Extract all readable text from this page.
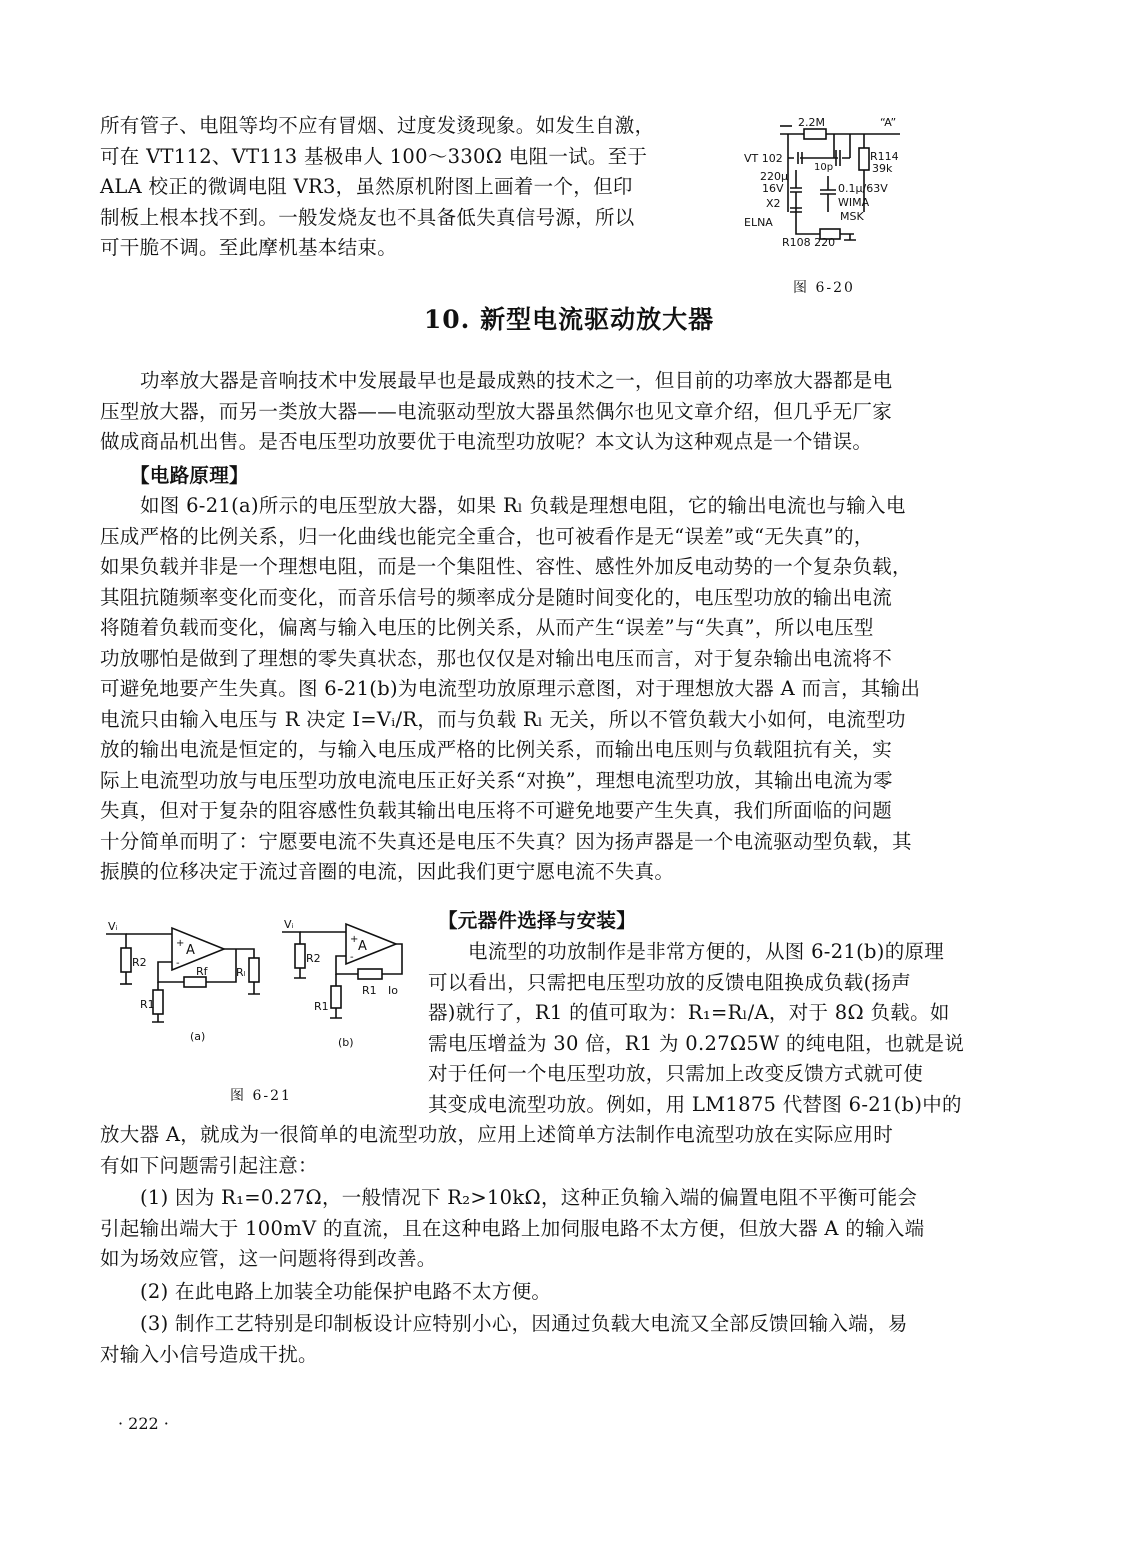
所有管子、电阻等均不应有冒烟、过度发烫现象。如发生自激，
可在 VT112、VT113 基极串人 100～330Ω 电阻一试。至于
ALA 校正的微调电阻 VR3，虽然原机附图上画着一个，但印
制板上根本找不到。一般发烧友也不具备低失真信号源，所以
可干脆不调。至此摩机基本结束。
2.2M	“A”
VT 102	R114
39k
10p
220μ
16V
X2
ELNA
0.1μ/63V
WIMA
MSK
R108 220
图 6-20
10. 新型电流驱动放大器
功率放大器是音响技术中发展最早也是最成熟的技术之一，但目前的功率放大器都是电
压型放大器，而另一类放大器——电流驱动型放大器虽然偶尔也见文章介绍，但几乎无厂家
做成商品机出售。是否电压型功放要优于电流型功放呢？本文认为这种观点是一个错误。
【电路原理】
如图 6-21(a)所示的电压型放大器，如果 Rₗ 负载是理想电阻，它的输出电流也与输入电
压成严格的比例关系，归一化曲线也能完全重合，也可被看作是无“误差”或“无失真”的，
如果负载并非是一个理想电阻，而是一个集阻性、容性、感性外加反电动势的一个复杂负载，
其阻抗随频率变化而变化，而音乐信号的频率成分是随时间变化的，电压型功放的输出电流
将随着负载而变化，偏离与输入电压的比例关系，从而产生“误差”与“失真”，所以电压型
功放哪怕是做到了理想的零失真状态，那也仅仅是对输出电压而言，对于复杂输出电流将不
可避免地要产生失真。图 6-21(b)为电流型功放原理示意图，对于理想放大器 A 而言，其输出
电流只由输入电压与 R 决定 I=Vᵢ/R，而与负载 Rₗ 无关，所以不管负载大小如何，电流型功
放的输出电流是恒定的，与输入电压成严格的比例关系，而输出电压则与负载阻抗有关，实
际上电流型功放与电压型功放电流电压正好关系“对换”，理想电流型功放，其输出电流为零
失真，但对于复杂的阻容感性负载其输出电压将不可避免地要产生失真，我们所面临的问题
十分简单而明了：宁愿要电流不失真还是电压不失真？因为扬声器是一个电流驱动型负载，其
振膜的位移决定于流过音圈的电流，因此我们更宁愿电流不失真。
Vᵢ
R2
A
Rf	Rₗ
R1
(a)
+
-
Vᵢ
R2
A
R1 Io
R1
(b)
+
-
图 6-21
【元器件选择与安装】
电流型的功放制作是非常方便的，从图 6-21(b)的原理
可以看出，只需把电压型功放的反馈电阻换成负载(扬声
器)就行了，R1 的值可取为：R₁=Rₗ/A，对于 8Ω 负载。如
需电压增益为 30 倍，R1 为 0.27Ω5W 的纯电阻，也就是说
对于任何一个电压型功放，只需加上改变反馈方式就可使
其变成电流型功放。例如，用 LM1875 代替图 6-21(b)中的
放大器 A，就成为一很简单的电流型功放，应用上述简单方法制作电流型功放在实际应用时
有如下问题需引起注意：
(1) 因为 R₁=0.27Ω，一般情况下 R₂>10kΩ，这种正负输入端的偏置电阻不平衡可能会
引起输出端大于 100mV 的直流，且在这种电路上加伺服电路不太方便，但放大器 A 的输入端
如为场效应管，这一问题将得到改善。
(2) 在此电路上加装全功能保护电路不太方便。
(3) 制作工艺特别是印制板设计应特别小心，因通过负载大电流又全部反馈回输入端，易
对输入小信号造成干扰。
· 222 ·
